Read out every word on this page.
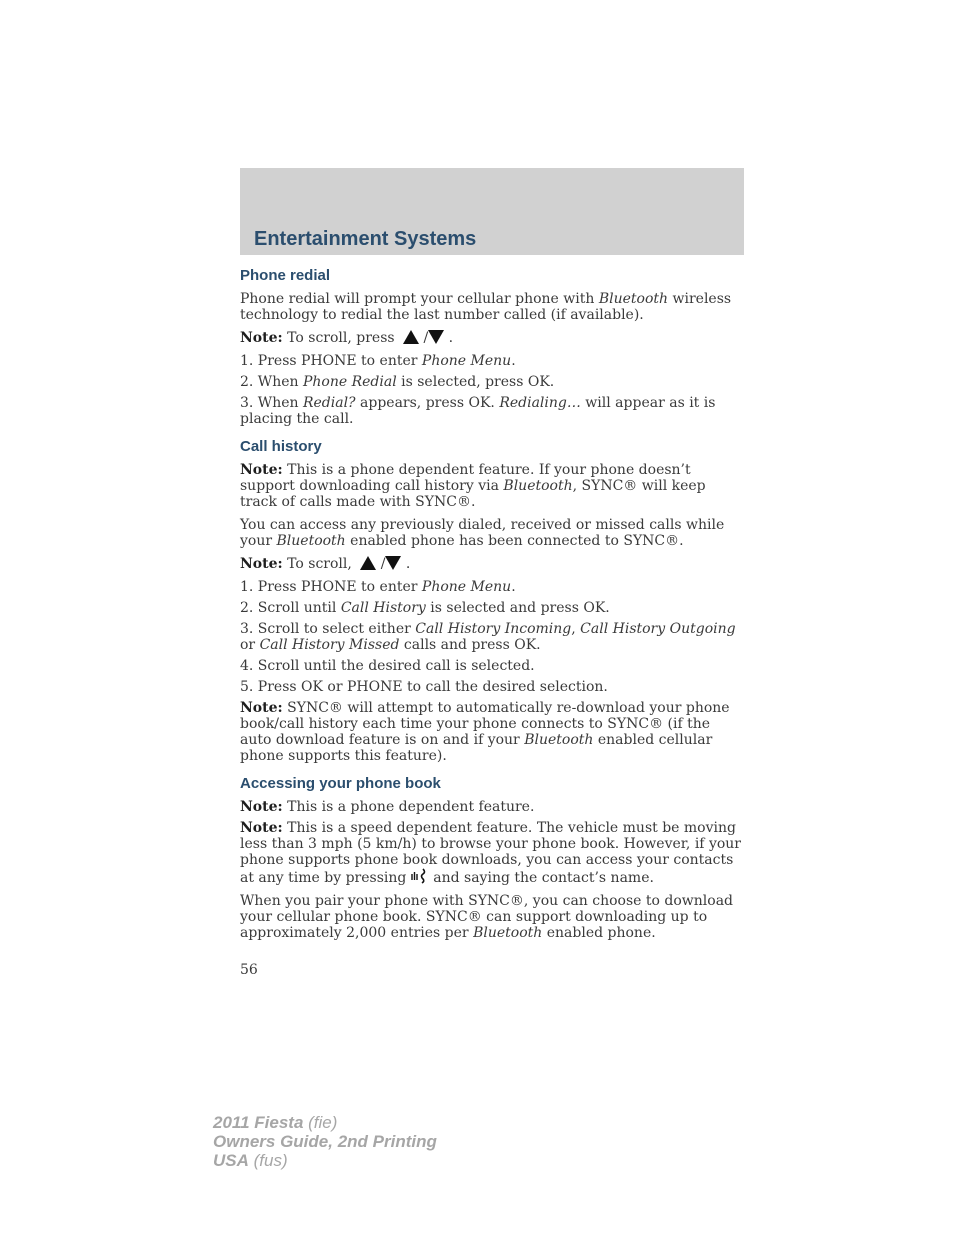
Entertainment Systems
Phone redial

Phone redial will prompt your cellular phone with Bluetooth wireless technology to redial the last number called (if available).

Note: To scroll, press  / .

1. Press PHONE to enter Phone Menu.

2. When Phone Redial is selected, press OK.

3. When Redial? appears, press OK. Redialing… will appear as it is placing the call.

Call history

Note: This is a phone dependent feature. If your phone doesn’t support downloading call history via Bluetooth, SYNC® will keep track of calls made with SYNC®.

You can access any previously dialed, received or missed calls while your Bluetooth enabled phone has been connected to SYNC®.

Note: To scroll,  / .

1. Press PHONE to enter Phone Menu.

2. Scroll until Call History is selected and press OK.

3. Scroll to select either Call History Incoming, Call History Outgoing or Call History Missed calls and press OK.

4. Scroll until the desired call is selected.

5. Press OK or PHONE to call the desired selection.

Note: SYNC® will attempt to automatically re-download your phone book/call history each time your phone connects to SYNC® (if the auto download feature is on and if your Bluetooth enabled cellular phone supports this feature).

Accessing your phone book

Note: This is a phone dependent feature.

Note: This is a speed dependent feature. The vehicle must be moving less than 3 mph (5 km/h) to browse your phone book. However, if your phone supports phone book downloads, you can access your contacts at any time by pressing  and saying the contact’s name.

When you pair your phone with SYNC®, you can choose to download your cellular phone book. SYNC® can support downloading up to approximately 2,000 entries per Bluetooth enabled phone.

56
2011 Fiesta (fie)
Owners Guide, 2nd Printing
USA (fus)
